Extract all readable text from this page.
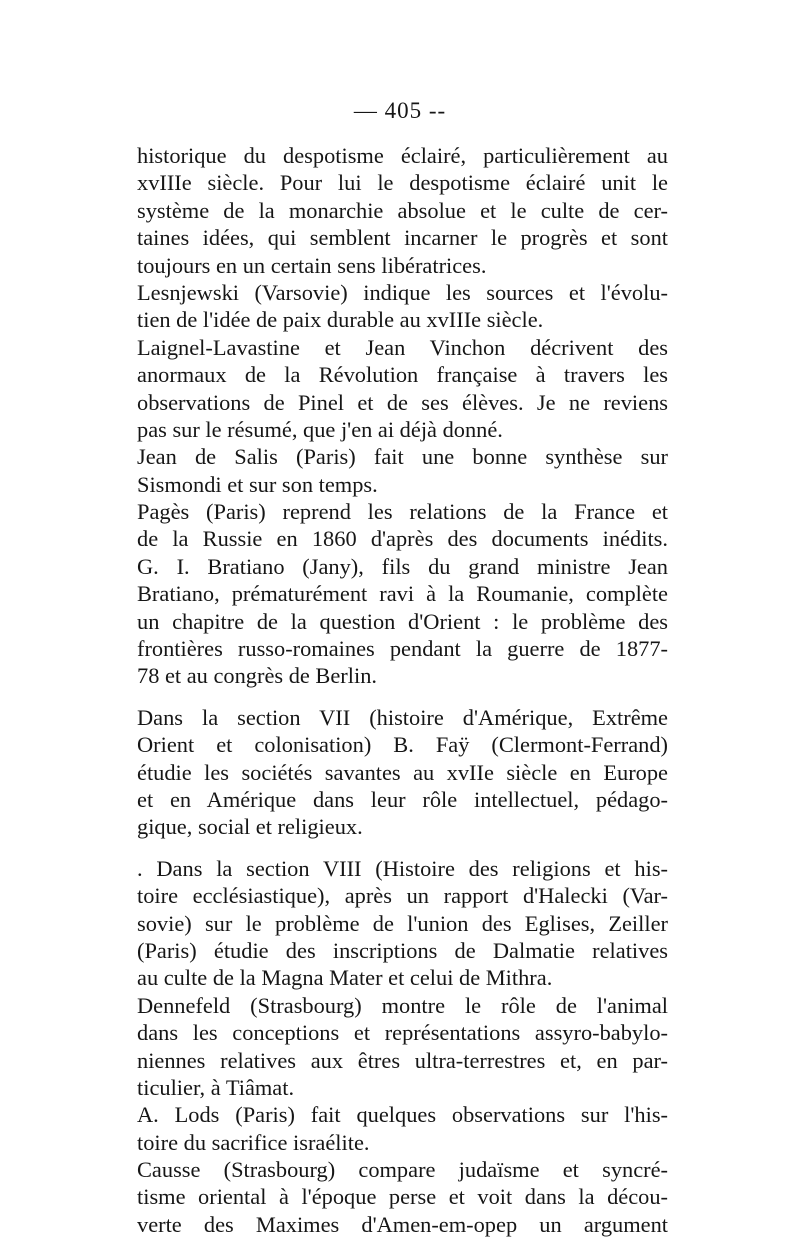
— 405 --
historique du despotisme éclairé, particulièrement au
xvIIIe siècle. Pour lui le despotisme éclairé unit le
système de la monarchie absolue et le culte de cer-
taines idées, qui semblent incarner le progrès et sont
toujours en un certain sens libératrices.
Lesnjewski (Varsovie) indique les sources et l'évolu-
tien de l'idée de paix durable au xvIIIe siècle.
Laignel-Lavastine et Jean Vinchon décrivent des
anormaux de la Révolution française à travers les
observations de Pinel et de ses élèves. Je ne reviens
pas sur le résumé, que j'en ai déjà donné.
Jean de Salis (Paris) fait une bonne synthèse sur
Sismondi et sur son temps.
Pagès (Paris) reprend les relations de la France et
de la Russie en 1860 d'après des documents inédits.
G. I. Bratiano (Jany), fils du grand ministre Jean
Bratiano, prématurément ravi à la Roumanie, complète
un chapitre de la question d'Orient : le problème des
frontières russo-romaines pendant la guerre de 1877-
78 et au congrès de Berlin.
Dans la section VII (histoire d'Amérique, Extrême
Orient et colonisation) B. Faÿ (Clermont-Ferrand)
étudie les sociétés savantes au xvIIe siècle en Europe
et en Amérique dans leur rôle intellectuel, pédago-
gique, social et religieux.
. Dans la section VIII (Histoire des religions et his-
toire ecclésiastique), après un rapport d'Halecki (Var-
sovie) sur le problème de l'union des Eglises, Zeiller
(Paris) étudie des inscriptions de Dalmatie relatives
au culte de la Magna Mater et celui de Mithra.
Dennefeld (Strasbourg) montre le rôle de l'animal
dans les conceptions et représentations assyro-babylo-
niennes relatives aux êtres ultra-terrestres et, en par-
ticulier, à Tiâmat.
A. Lods (Paris) fait quelques observations sur l'his-
toire du sacrifice israélite.
Causse (Strasbourg) compare judaïsme et syncré-
tisme oriental à l'époque perse et voit dans la décou-
verte des Maximes d'Amen-em-opep un argument
